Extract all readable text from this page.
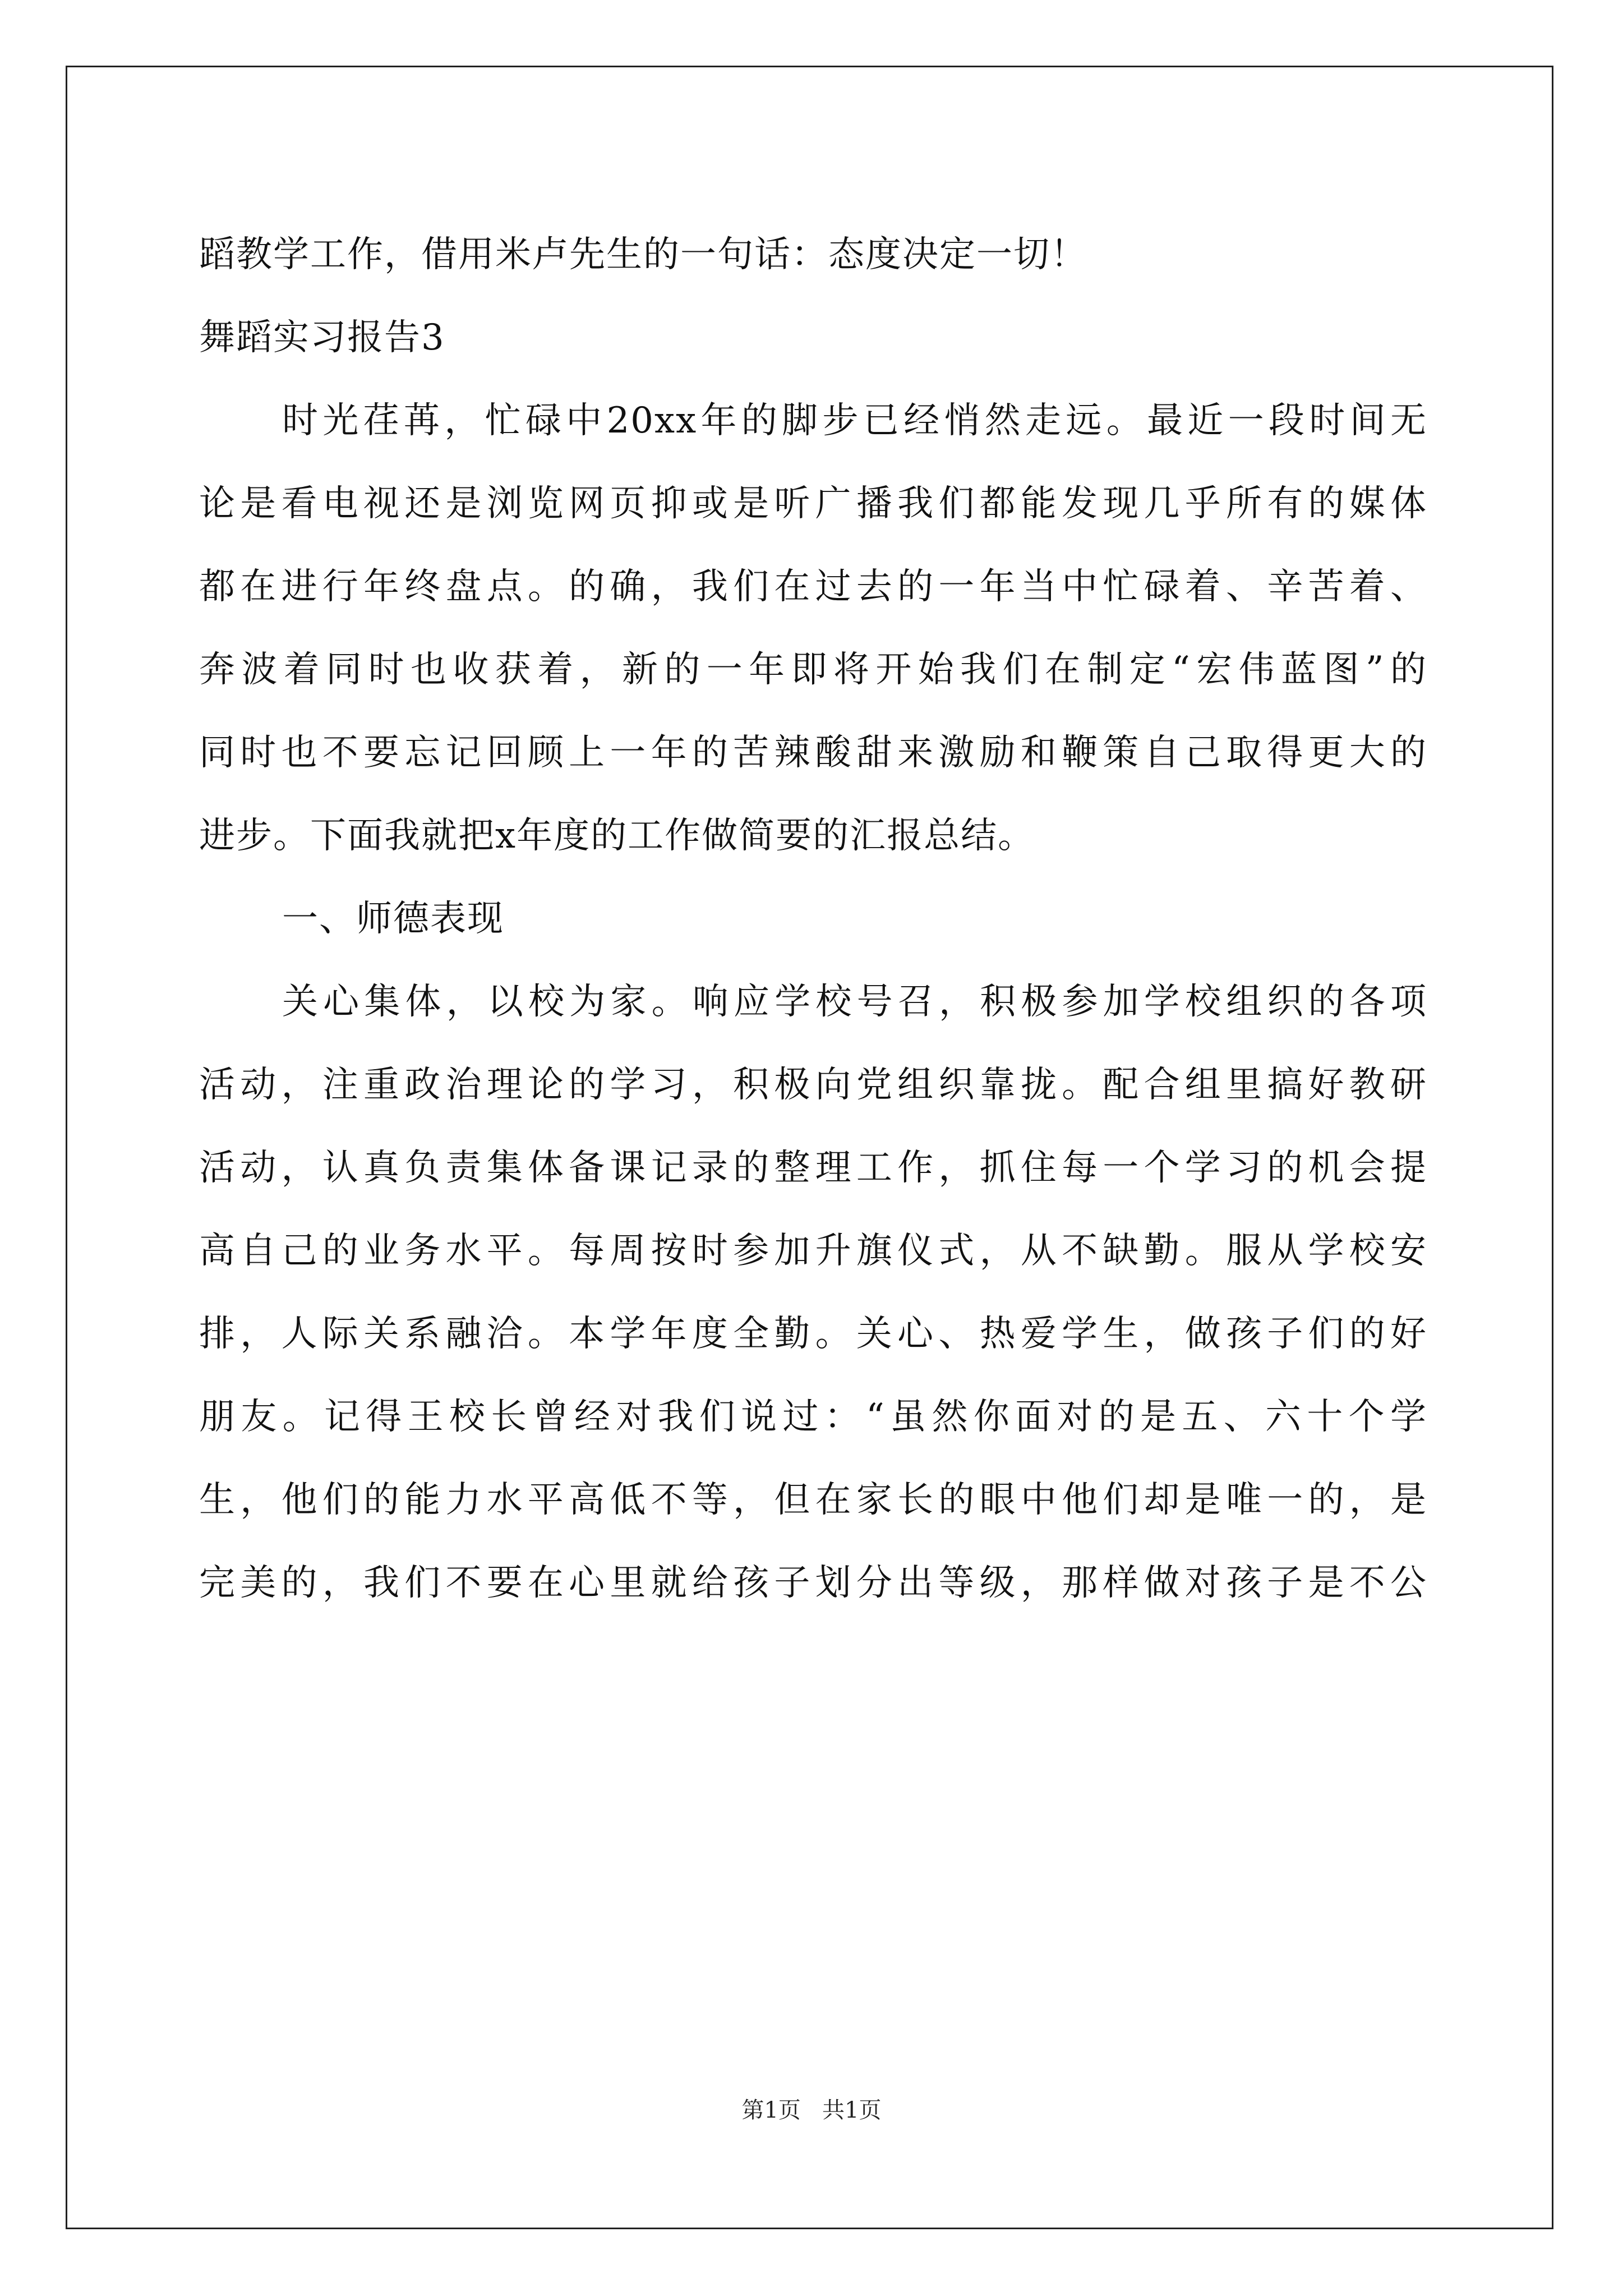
蹈教学工作，借用米卢先生的一句话：态度决定一切！
舞蹈实习报告3
时光荏苒，忙碌中20xx年的脚步已经悄然走远。最近一段时间无
论是看电视还是浏览网页抑或是听广播我们都能发现几乎所有的媒体
都在进行年终盘点。的确，我们在过去的一年当中忙碌着、辛苦着、
奔波着同时也收获着，新的一年即将开始我们在制定“宏伟蓝图”的
同时也不要忘记回顾上一年的苦辣酸甜来激励和鞭策自己取得更大的
进步。下面我就把x年度的工作做简要的汇报总结。
一、师德表现
关心集体，以校为家。响应学校号召，积极参加学校组织的各项
活动，注重政治理论的学习，积极向党组织靠拢。配合组里搞好教研
活动，认真负责集体备课记录的整理工作，抓住每一个学习的机会提
高自己的业务水平。每周按时参加升旗仪式，从不缺勤。服从学校安
排，人际关系融洽。本学年度全勤。关心、热爱学生，做孩子们的好
朋友。记得王校长曾经对我们说过：“虽然你面对的是五、六十个学
生，他们的能力水平高低不等，但在家长的眼中他们却是唯一的，是
完美的，我们不要在心里就给孩子划分出等级，那样做对孩子是不公
第1页   共1页
